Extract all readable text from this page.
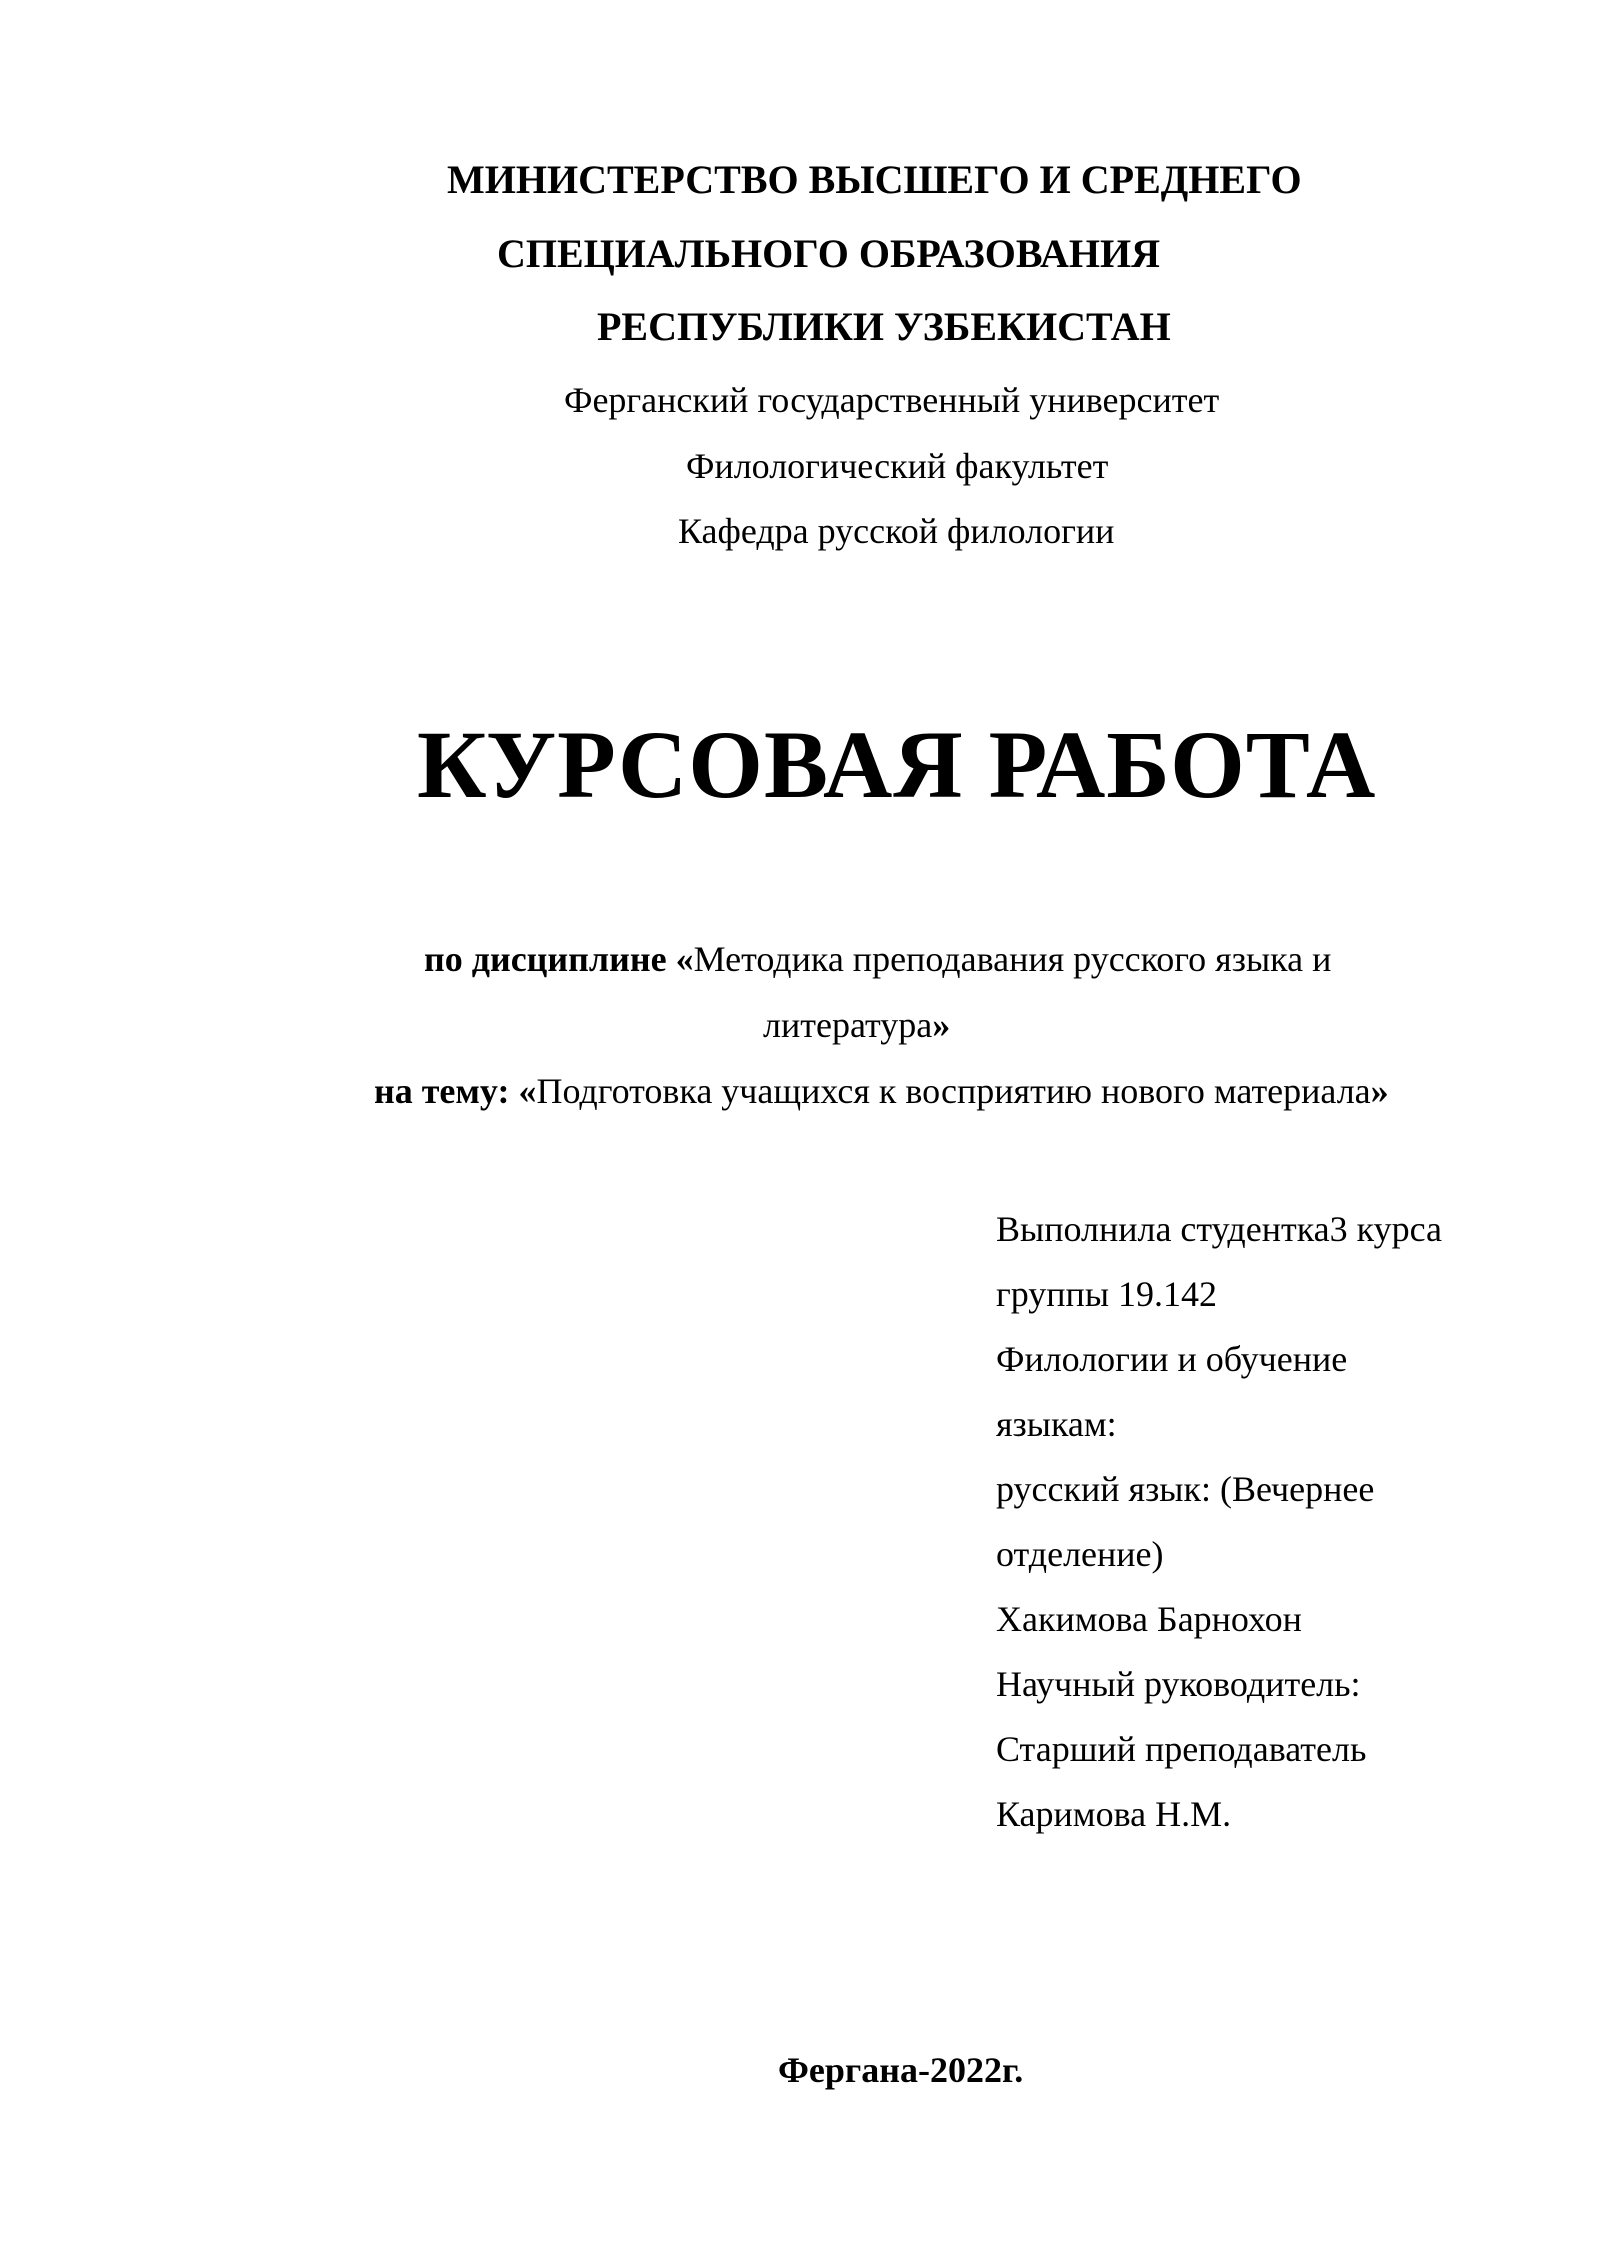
МИНИСТЕРСТВО ВЫСШЕГО И СРЕДНЕГО
СПЕЦИАЛЬНОГО ОБРАЗОВАНИЯ
РЕСПУБЛИКИ УЗБЕКИСТАН
Ферганский государственный университет
Филологический факультет
Кафедра русской филологии
КУРСОВАЯ РАБОТА
по дисциплине «Методика преподавания русского языка и
литература»
на тему: «Подготовка учащихся к восприятию нового материала»
Выполнила студентка3 курса
группы 19.142
Филологии и обучение
языкам:
русский язык: (Вечернее
отделение)
Хакимова Барнохон
Научный руководитель:
Старший преподаватель
Каримова Н.М.
Фергана-2022г.
